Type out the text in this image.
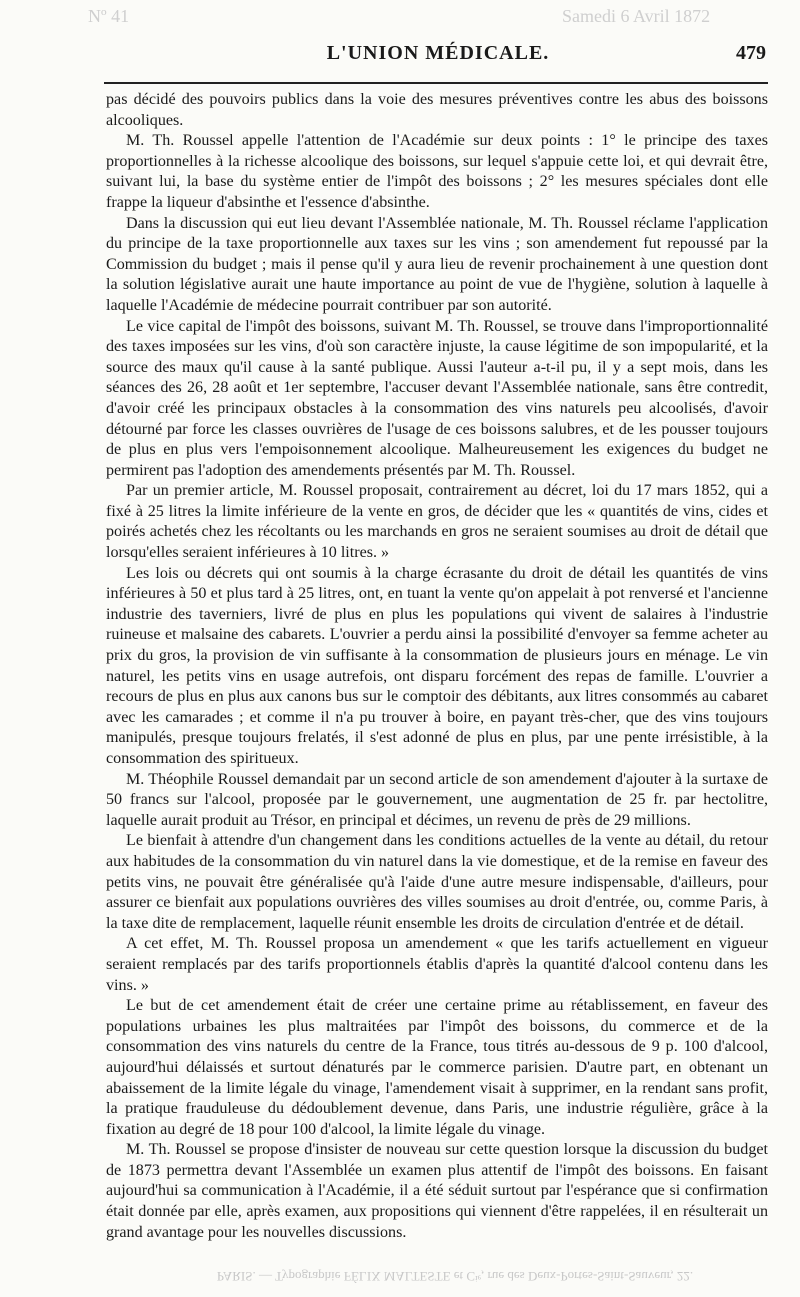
Nº 41	Samedi 6 Avril 1872
L'UNION MÉDICALE.	479

pas décidé des pouvoirs publics dans la voie des mesures préventives contre les abus des boissons alcooliques.

M. Th. Roussel appelle l'attention de l'Académie sur deux points : 1° le principe des taxes proportionnelles à la richesse alcoolique des boissons, sur lequel s'appuie cette loi, et qui devrait être, suivant lui, la base du système entier de l'impôt des boissons ; 2° les mesures spéciales dont elle frappe la liqueur d'absinthe et l'essence d'absinthe.

Dans la discussion qui eut lieu devant l'Assemblée nationale, M. Th. Roussel réclame l'application du principe de la taxe proportionnelle aux taxes sur les vins ; son amendement fut repoussé par la Commission du budget ; mais il pense qu'il y aura lieu de revenir prochainement à une question dont la solution législative aurait une haute importance au point de vue de l'hygiène, solution à laquelle à laquelle l'Académie de médecine pourrait contribuer par son autorité.

Le vice capital de l'impôt des boissons, suivant M. Th. Roussel, se trouve dans l'improportionnalité des taxes imposées sur les vins, d'où son caractère injuste, la cause légitime de son impopularité, et la source des maux qu'il cause à la santé publique. Aussi l'auteur a-t-il pu, il y a sept mois, dans les séances des 26, 28 août et 1er septembre, l'accuser devant l'Assemblée nationale, sans être contredit, d'avoir créé les principaux obstacles à la consommation des vins naturels peu alcoolisés, d'avoir détourné par force les classes ouvrières de l'usage de ces boissons salubres, et de les pousser toujours de plus en plus vers l'empoisonnement alcoolique. Malheureusement les exigences du budget ne permirent pas l'adoption des amendements présentés par M. Th. Roussel.

Par un premier article, M. Roussel proposait, contrairement au décret, loi du 17 mars 1852, qui a fixé à 25 litres la limite inférieure de la vente en gros, de décider que les « quantités de vins, cides et poirés achetés chez les récoltants ou les marchands en gros ne seraient soumises au droit de détail que lorsqu'elles seraient inférieures à 10 litres. »

Les lois ou décrets qui ont soumis à la charge écrasante du droit de détail les quantités de vins inférieures à 50 et plus tard à 25 litres, ont, en tuant la vente qu'on appelait à pot renversé et l'ancienne industrie des taverniers, livré de plus en plus les populations qui vivent de salaires à l'industrie ruineuse et malsaine des cabarets. L'ouvrier a perdu ainsi la possibilité d'envoyer sa femme acheter au prix du gros, la provision de vin suffisante à la consommation de plusieurs jours en ménage. Le vin naturel, les petits vins en usage autrefois, ont disparu forcément des repas de famille. L'ouvrier a recours de plus en plus aux canons bus sur le comptoir des débitants, aux litres consommés au cabaret avec les camarades ; et comme il n'a pu trouver à boire, en payant très-cher, que des vins toujours manipulés, presque toujours frelatés, il s'est adonné de plus en plus, par une pente irrésistible, à la consommation des spiritueux.

M. Théophile Roussel demandait par un second article de son amendement d'ajouter à la surtaxe de 50 francs sur l'alcool, proposée par le gouvernement, une augmentation de 25 fr. par hectolitre, laquelle aurait produit au Trésor, en principal et décimes, un revenu de près de 29 millions.

Le bienfait à attendre d'un changement dans les conditions actuelles de la vente au détail, du retour aux habitudes de la consommation du vin naturel dans la vie domestique, et de la remise en faveur des petits vins, ne pouvait être généralisée qu'à l'aide d'une autre mesure indispensable, d'ailleurs, pour assurer ce bienfait aux populations ouvrières des villes soumises au droit d'entrée, ou, comme Paris, à la taxe dite de remplacement, laquelle réunit ensemble les droits de circulation d'entrée et de détail.

A cet effet, M. Th. Roussel proposa un amendement « que les tarifs actuellement en vigueur seraient remplacés par des tarifs proportionnels établis d'après la quantité d'alcool contenu dans les vins. »

Le but de cet amendement était de créer une certaine prime au rétablissement, en faveur des populations urbaines les plus maltraitées par l'impôt des boissons, du commerce et de la consommation des vins naturels du centre de la France, tous titrés au-dessous de 9 p. 100 d'alcool, aujourd'hui délaissés et surtout dénaturés par le commerce parisien. D'autre part, en obtenant un abaissement de la limite légale du vinage, l'amendement visait à supprimer, en la rendant sans profit, la pratique frauduleuse du dédoublement devenue, dans Paris, une industrie régulière, grâce à la fixation au degré de 18 pour 100 d'alcool, la limite légale du vinage.

M. Th. Roussel se propose d'insister de nouveau sur cette question lorsque la discussion du budget de 1873 permettra devant l'Assemblée un examen plus attentif de l'impôt des boissons. En faisant aujourd'hui sa communication à l'Académie, il a été séduit surtout par l'espérance que si confirmation était donnée par elle, après examen, aux propositions qui viennent d'être rappelées, il en résulterait un grand avantage pour les nouvelles discussions.

PARIS. — Typographie FÉLIX MALTESTE et Cⁱᵉ, rue des Deux-Portes-Saint-Sauveur, 22.
